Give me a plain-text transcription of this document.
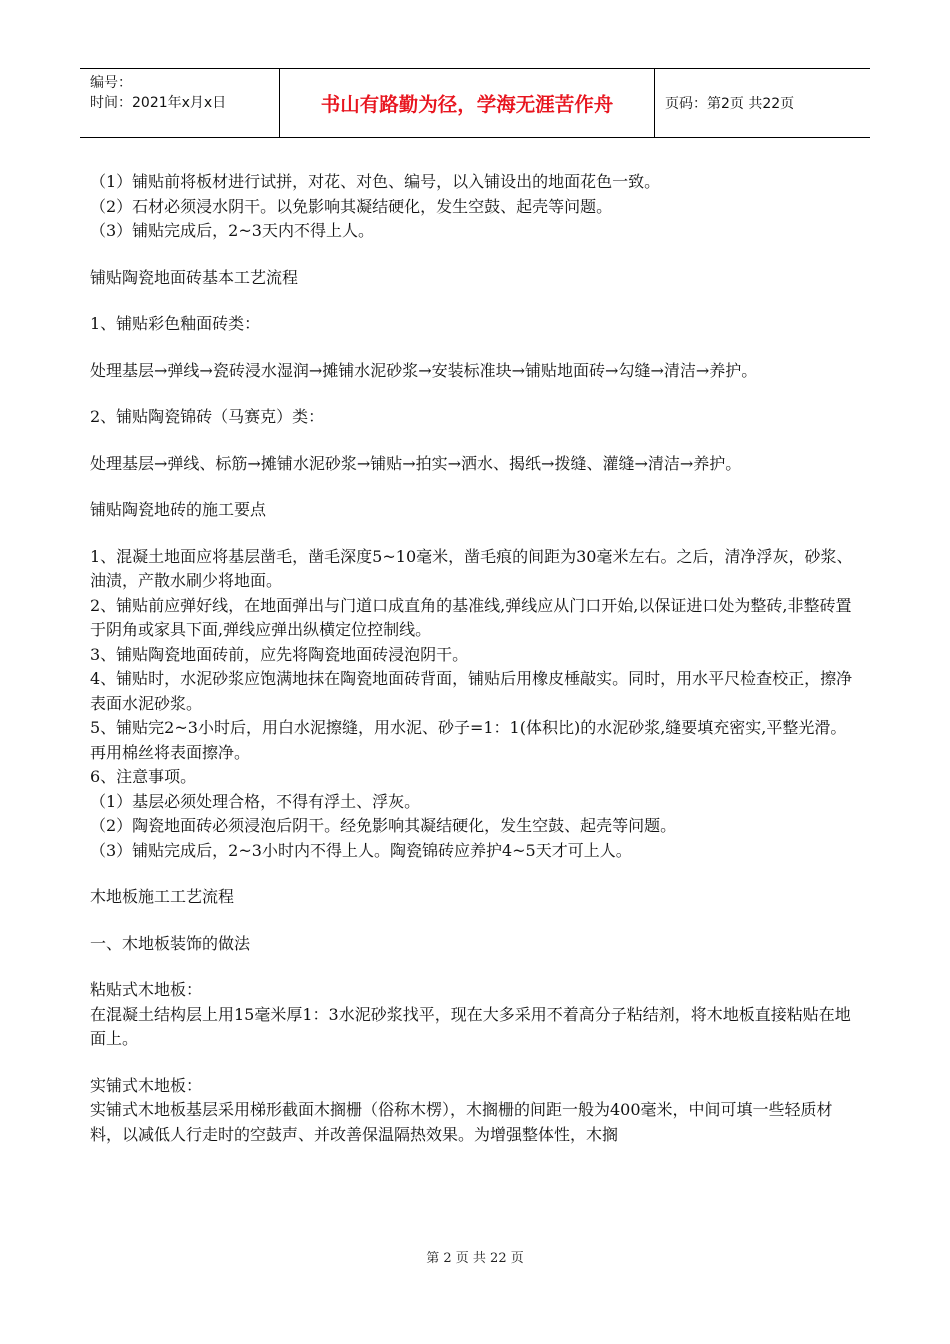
编号：
时间：2021年x月x日	书山有路勤为径，学海无涯苦作舟	页码：第2页 共22页

（1）铺贴前将板材进行试拼，对花、对色、编号，以入铺设出的地面花色一致。

（2）石材必须浸水阴干。以免影响其凝结硬化，发生空鼓、起壳等问题。

（3）铺贴完成后，2~3天内不得上人。

铺贴陶瓷地面砖基本工艺流程

1、铺贴彩色釉面砖类：

处理基层→弹线→瓷砖浸水湿润→摊铺水泥砂浆→安装标准块→铺贴地面砖→勾缝→清洁→养护。

2、铺贴陶瓷锦砖（马赛克）类：

处理基层→弹线、标筋→摊铺水泥砂浆→铺贴→拍实→洒水、揭纸→拨缝、灌缝→清洁→养护。

铺贴陶瓷地砖的施工要点

1、混凝土地面应将基层凿毛，凿毛深度5~10毫米，凿毛痕的间距为30毫米左右。之后，清净浮灰，砂浆、油渍，产散水刷少将地面。

2、铺贴前应弹好线，在地面弹出与门道口成直角的基准线,弹线应从门口开始,以保证进口处为整砖,非整砖置于阴角或家具下面,弹线应弹出纵横定位控制线。

3、铺贴陶瓷地面砖前，应先将陶瓷地面砖浸泡阴干。

4、铺贴时，水泥砂浆应饱满地抹在陶瓷地面砖背面，铺贴后用橡皮棰敲实。同时，用水平尺检查校正，擦净表面水泥砂浆。

5、铺贴完2~3小时后，用白水泥擦缝，用水泥、砂子=1：1(体积比)的水泥砂浆,缝要填充密实,平整光滑。再用棉丝将表面擦净。

6、注意事项。

（1）基层必须处理合格，不得有浮土、浮灰。

（2）陶瓷地面砖必须浸泡后阴干。经免影响其凝结硬化，发生空鼓、起壳等问题。

（3）铺贴完成后，2~3小时内不得上人。陶瓷锦砖应养护4~5天才可上人。

木地板施工工艺流程

一、木地板装饰的做法

粘贴式木地板：

在混凝土结构层上用15毫米厚1：3水泥砂浆找平，现在大多采用不着高分子粘结剂，将木地板直接粘贴在地面上。

实铺式木地板：

实铺式木地板基层采用梯形截面木搁栅（俗称木楞），木搁栅的间距一般为400毫米，中间可填一些轻质材料，以减低人行走时的空鼓声、并改善保温隔热效果。为增强整体性，木搁

第 2 页 共 22 页
